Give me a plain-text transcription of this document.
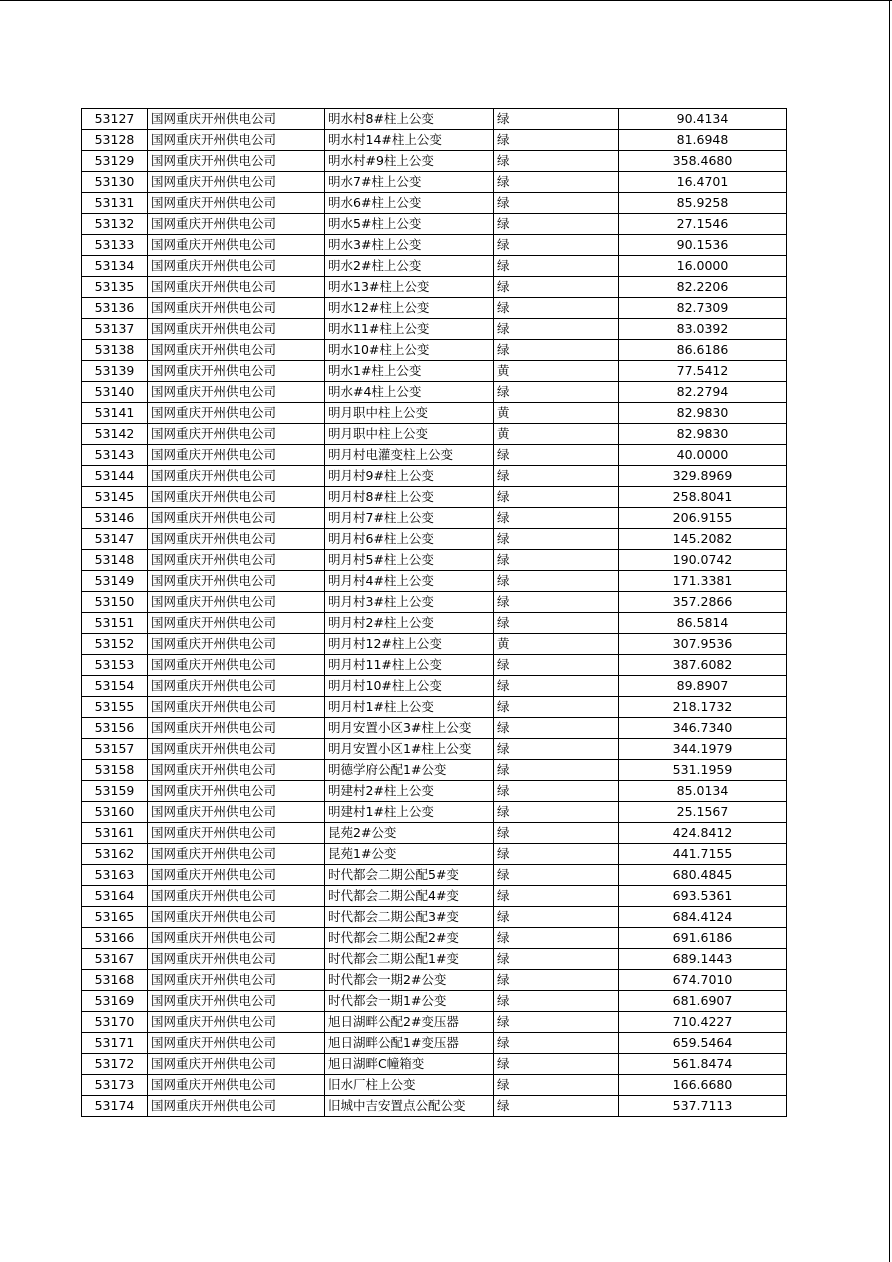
53127	国网重庆开州供电公司	明水村8#柱上公变	绿	90.4134
53128	国网重庆开州供电公司	明水村14#柱上公变	绿	81.6948
53129	国网重庆开州供电公司	明水村#9柱上公变	绿	358.4680
53130	国网重庆开州供电公司	明水7#柱上公变	绿	16.4701
53131	国网重庆开州供电公司	明水6#柱上公变	绿	85.9258
53132	国网重庆开州供电公司	明水5#柱上公变	绿	27.1546
53133	国网重庆开州供电公司	明水3#柱上公变	绿	90.1536
53134	国网重庆开州供电公司	明水2#柱上公变	绿	16.0000
53135	国网重庆开州供电公司	明水13#柱上公变	绿	82.2206
53136	国网重庆开州供电公司	明水12#柱上公变	绿	82.7309
53137	国网重庆开州供电公司	明水11#柱上公变	绿	83.0392
53138	国网重庆开州供电公司	明水10#柱上公变	绿	86.6186
53139	国网重庆开州供电公司	明水1#柱上公变	黄	77.5412
53140	国网重庆开州供电公司	明水#4柱上公变	绿	82.2794
53141	国网重庆开州供电公司	明月职中柱上公变	黄	82.9830
53142	国网重庆开州供电公司	明月职中柱上公变	黄	82.9830
53143	国网重庆开州供电公司	明月村电灌变柱上公变	绿	40.0000
53144	国网重庆开州供电公司	明月村9#柱上公变	绿	329.8969
53145	国网重庆开州供电公司	明月村8#柱上公变	绿	258.8041
53146	国网重庆开州供电公司	明月村7#柱上公变	绿	206.9155
53147	国网重庆开州供电公司	明月村6#柱上公变	绿	145.2082
53148	国网重庆开州供电公司	明月村5#柱上公变	绿	190.0742
53149	国网重庆开州供电公司	明月村4#柱上公变	绿	171.3381
53150	国网重庆开州供电公司	明月村3#柱上公变	绿	357.2866
53151	国网重庆开州供电公司	明月村2#柱上公变	绿	86.5814
53152	国网重庆开州供电公司	明月村12#柱上公变	黄	307.9536
53153	国网重庆开州供电公司	明月村11#柱上公变	绿	387.6082
53154	国网重庆开州供电公司	明月村10#柱上公变	绿	89.8907
53155	国网重庆开州供电公司	明月村1#柱上公变	绿	218.1732
53156	国网重庆开州供电公司	明月安置小区3#柱上公变	绿	346.7340
53157	国网重庆开州供电公司	明月安置小区1#柱上公变	绿	344.1979
53158	国网重庆开州供电公司	明德学府公配1#公变	绿	531.1959
53159	国网重庆开州供电公司	明建村2#柱上公变	绿	85.0134
53160	国网重庆开州供电公司	明建村1#柱上公变	绿	25.1567
53161	国网重庆开州供电公司	昆苑2#公变	绿	424.8412
53162	国网重庆开州供电公司	昆苑1#公变	绿	441.7155
53163	国网重庆开州供电公司	时代都会二期公配5#变	绿	680.4845
53164	国网重庆开州供电公司	时代都会二期公配4#变	绿	693.5361
53165	国网重庆开州供电公司	时代都会二期公配3#变	绿	684.4124
53166	国网重庆开州供电公司	时代都会二期公配2#变	绿	691.6186
53167	国网重庆开州供电公司	时代都会二期公配1#变	绿	689.1443
53168	国网重庆开州供电公司	时代都会一期2#公变	绿	674.7010
53169	国网重庆开州供电公司	时代都会一期1#公变	绿	681.6907
53170	国网重庆开州供电公司	旭日湖畔公配2#变压器	绿	710.4227
53171	国网重庆开州供电公司	旭日湖畔公配1#变压器	绿	659.5464
53172	国网重庆开州供电公司	旭日湖畔C幢箱变	绿	561.8474
53173	国网重庆开州供电公司	旧水厂柱上公变	绿	166.6680
53174	国网重庆开州供电公司	旧城中吉安置点公配公变	绿	537.7113
